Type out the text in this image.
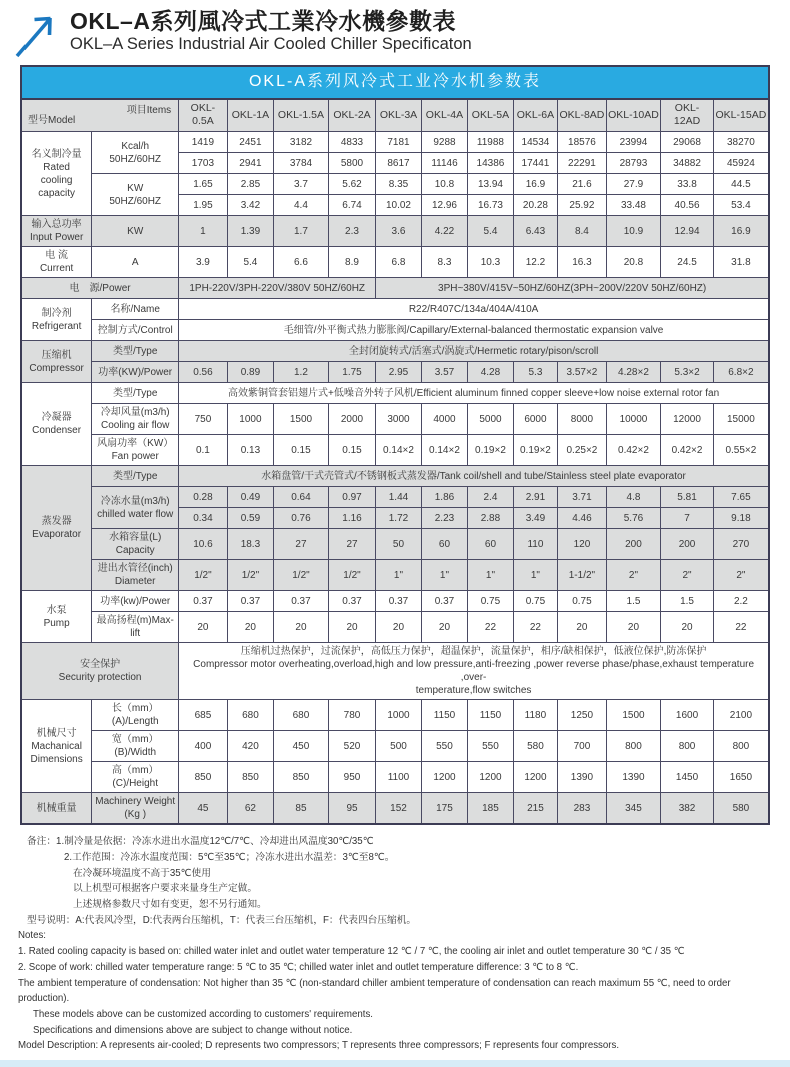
OKL–A系列風冷式工業冷水機參數表
OKL–A Series Industrial Air Cooled Chiller Specificaton
OKL-A系列风冷式工业冷水机参数表													

型号Model
项目Items		OKL-0.5A	OKL-1A	OKL-1.5A	OKL-2A	OKL-3A	OKL-4A	OKL-5A	OKL-6A	OKL-8AD	OKL-10AD	OKL-12AD	OKL-15AD
名义制冷量
Rated
cooling
capacity	Kcal/h
50HZ/60HZ	1419	2451	3182	4833	7181	9288	11988	14534	18576	23994	29068	38270
		1703	2941	3784	5800	8617	11146	14386	17441	22291	28793	34882	45924
	KW
50HZ/60HZ	1.65	2.85	3.7	5.62	8.35	10.8	13.94	16.9	21.6	27.9	33.8	44.5
		1.95	3.42	4.4	6.74	10.02	12.96	16.73	20.28	25.92	33.48	40.56	53.4
输入总功率
Input Power	KW	1	1.39	1.7	2.3	3.6	4.22	5.4	6.43	8.4	10.9	12.94	16.9
电 流
Current	A	3.9	5.4	6.6	8.9	6.8	8.3	10.3	12.2	16.3	20.8	24.5	31.8
电　源/Power		1PH-220V/3PH-220V/380V 50HZ/60HZ				3PH~380V/415V~50HZ/60HZ(3PH~200V/220V 50HZ/60HZ)							
制冷剂
Refrigerant	名称/Name	R22/R407C/134a/404A/410A											
	控制方式/Control	毛细管/外平衡式热力膨胀阀/Capillary/External-balanced thermostatic expansion valve											
压缩机
Compressor	类型/Type	全封闭旋转式/活塞式/涡旋式/Hermetic rotary/pison/scroll											
	功率(KW)/Power	0.56	0.89	1.2	1.75	2.95	3.57	4.28	5.3	3.57×2	4.28×2	5.3×2	6.8×2
冷凝器
Condenser	类型/Type	高效紫铜管套铝翅片式+低噪音外转子风机/Efficient aluminum finned copper sleeve+low noise external rotor fan											
	冷却风量(m3/h)
Cooling air flow	750	1000	1500	2000	3000	4000	5000	6000	8000	10000	12000	15000
	风扇功率（KW）
Fan power	0.1	0.13	0.15	0.15	0.14×2	0.14×2	0.19×2	0.19×2	0.25×2	0.42×2	0.42×2	0.55×2
蒸发器
Evaporator	类型/Type	水箱盘管/干式壳管式/不锈钢板式蒸发器/Tank coil/shell and tube/Stainless steel plate evaporator											
	冷冻水量(m3/h)
chilled water flow	0.28	0.49	0.64	0.97	1.44	1.86	2.4	2.91	3.71	4.8	5.81	7.65
		0.34	0.59	0.76	1.16	1.72	2.23	2.88	3.49	4.46	5.76	7	9.18
	水箱容量(L)
Capacity	10.6	18.3	27	27	50	60	60	110	120	200	200	270
	进出水管径(inch)
Diameter	1/2"	1/2"	1/2"	1/2"	1"	1"	1"	1"	1-1/2"	2"	2"	2"
水泵
Pump	功率(kw)/Power	0.37	0.37	0.37	0.37	0.37	0.37	0.75	0.75	0.75	1.5	1.5	2.2
	最高扬程(m)Max-lift	20	20	20	20	20	20	22	22	20	20	20	22
安全保护
Security protection		压缩机过热保护，过流保护，高低压力保护，超温保护，流量保护，相序/缺相保护，低液位保护,防冻保护
Compressor motor overheating,overload,high and low pressure,anti-freezing ,power reverse phase/phase,exhaust temperature ,over-
temperature,flow switches											
机械尺寸
Machanical
Dimensions	长（mm）(A)/Length	685	680	680	780	1000	1150	1150	1180	1250	1500	1600	2100
	宽（mm）(B)/Width	400	420	450	520	500	550	550	580	700	800	800	800
	高（mm）(C)/Height	850	850	850	950	1100	1200	1200	1200	1390	1390	1450	1650
机械重量	Machinery Weight
(Kg )	45	62	85	95	152	175	185	215	283	345	382	580
备注：1.制冷量是依据：冷冻水进出水温度12℃/7℃、冷却进出风温度30℃/35℃
2.工作范围：冷冻水温度范围：5℃至35℃；冷冻水进出水温差：3℃至8℃。
在冷凝环境温度不高于35℃使用
以上机型可根据客户要求来量身生产定做。
上述规格参数尺寸如有变更，恕不另行通知。
型号说明：A:代表风冷型，D:代表两台压缩机，T：代表三台压缩机，F：代表四台压缩机。
Notes:
1. Rated cooling capacity is based on: chilled water inlet and outlet water temperature 12 ℃ / 7 ℃, the cooling air inlet and outlet temperature 30 ℃ / 35 ℃
2. Scope of work: chilled water temperature range: 5 ℃ to 35 ℃; chilled water inlet and outlet temperature difference: 3 ℃ to 8 ℃.
The ambient temperature of condensation: Not higher than 35 ℃ (non-standard chiller ambient temperature of condensation can reach maximum 55 ℃, need to order production).
These models above can be customized according to customers' requirements.
Specifications and dimensions above are subject to change without notice.
Model Description: A represents air-cooled; D represents two compressors; T represents three compressors; F represents four compressors.
